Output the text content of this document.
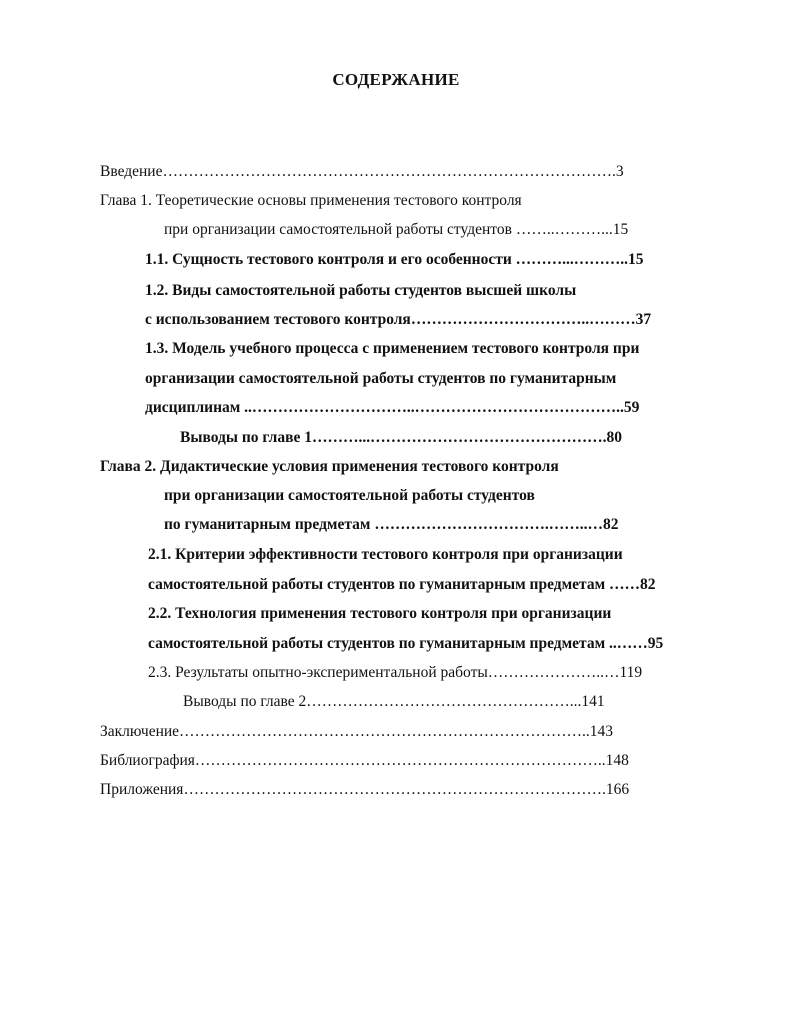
СОДЕРЖАНИЕ
Введение…………………………………………………………………………….3
Глава 1. Теоретические основы применения тестового контроля
при организации самостоятельной работы студентов ……..………...15
1.1. Сущность тестового контроля и его особенности ………...………..15
1.2. Виды самостоятельной работы студентов высшей школы
с использованием тестового контроля……………………………..………37
1.3. Модель учебного процесса с применением тестового контроля при
организации самостоятельной работы студентов по гуманитарным
дисциплинам ..…………………………..…………………………………..59
Выводы по главе 1………...……………………………………….80
Глава 2. Дидактические условия применения тестового контроля
при организации самостоятельной работы студентов
по гуманитарным предметам …………………………….……..…82
2.1. Критерии эффективности тестового контроля при организации
самостоятельной работы студентов по гуманитарным предметам ……82
2.2. Технология применения тестового контроля при организации
самостоятельной работы студентов по гуманитарным предметам ..……95
2.3. Результаты опытно-экспериментальной работы…………………..…119
Выводы по главе 2……………………………………………...141
Заключение……………………………………………………………………..143
Библиография……………………………………………………………………..148
Приложения……………………………………………………………………….166
